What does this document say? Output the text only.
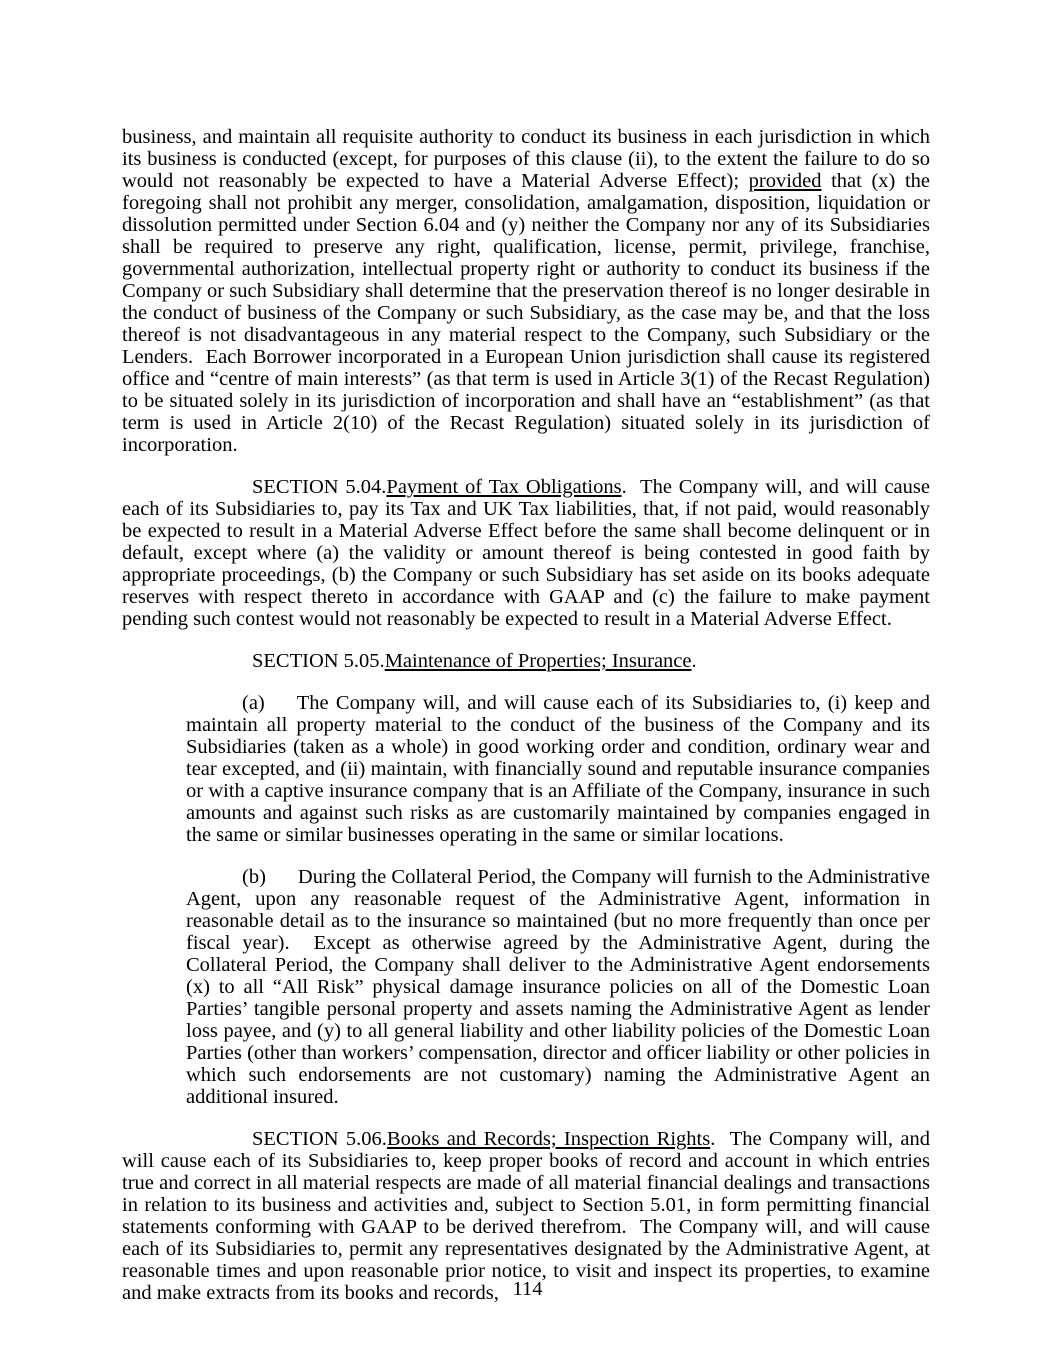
business, and maintain all requisite authority to conduct its business in each jurisdiction in which its business is conducted (except, for purposes of this clause (ii), to the extent the failure to do so would not reasonably be expected to have a Material Adverse Effect); provided that (x) the foregoing shall not prohibit any merger, consolidation, amalgamation, disposition, liquidation or dissolution permitted under Section 6.04 and (y) neither the Company nor any of its Subsidiaries shall be required to preserve any right, qualification, license, permit, privilege, franchise, governmental authorization, intellectual property right or authority to conduct its business if the Company or such Subsidiary shall determine that the preservation thereof is no longer desirable in the conduct of business of the Company or such Subsidiary, as the case may be, and that the loss thereof is not disadvantageous in any material respect to the Company, such Subsidiary or the Lenders.  Each Borrower incorporated in a European Union jurisdiction shall cause its registered office and “centre of main interests” (as that term is used in Article 3(1) of the Recast Regulation) to be situated solely in its jurisdiction of incorporation and shall have an “establishment” (as that term is used in Article 2(10) of the Recast Regulation) situated solely in its jurisdiction of incorporation.

SECTION 5.04.Payment of Tax Obligations.  The Company will, and will cause each of its Subsidiaries to, pay its Tax and UK Tax liabilities, that, if not paid, would reasonably be expected to result in a Material Adverse Effect before the same shall become delinquent or in default, except where (a) the validity or amount thereof is being contested in good faith by appropriate proceedings, (b) the Company or such Subsidiary has set aside on its books adequate reserves with respect thereto in accordance with GAAP and (c) the failure to make payment pending such contest would not reasonably be expected to result in a Material Adverse Effect.

SECTION 5.05.Maintenance of Properties; Insurance.

(a) The Company will, and will cause each of its Subsidiaries to, (i) keep and maintain all property material to the conduct of the business of the Company and its Subsidiaries (taken as a whole) in good working order and condition, ordinary wear and tear excepted, and (ii) maintain, with financially sound and reputable insurance companies or with a captive insurance company that is an Affiliate of the Company, insurance in such amounts and against such risks as are customarily maintained by companies engaged in the same or similar businesses operating in the same or similar locations.

(b) During the Collateral Period, the Company will furnish to the Administrative Agent, upon any reasonable request of the Administrative Agent, information in reasonable detail as to the insurance so maintained (but no more frequently than once per fiscal year).  Except as otherwise agreed by the Administrative Agent, during the Collateral Period, the Company shall deliver to the Administrative Agent endorsements (x) to all “All Risk” physical damage insurance policies on all of the Domestic Loan Parties’ tangible personal property and assets naming the Administrative Agent as lender loss payee, and (y) to all general liability and other liability policies of the Domestic Loan Parties (other than workers’ compensation, director and officer liability or other policies in which such endorsements are not customary) naming the Administrative Agent an additional insured.

SECTION 5.06.Books and Records; Inspection Rights.  The Company will, and will cause each of its Subsidiaries to, keep proper books of record and account in which entries true and correct in all material respects are made of all material financial dealings and transactions in relation to its business and activities and, subject to Section 5.01, in form permitting financial statements conforming with GAAP to be derived therefrom.  The Company will, and will cause each of its Subsidiaries to, permit any representatives designated by the Administrative Agent, at reasonable times and upon reasonable prior notice, to visit and inspect its properties, to examine and make extracts from its books and records, 114
